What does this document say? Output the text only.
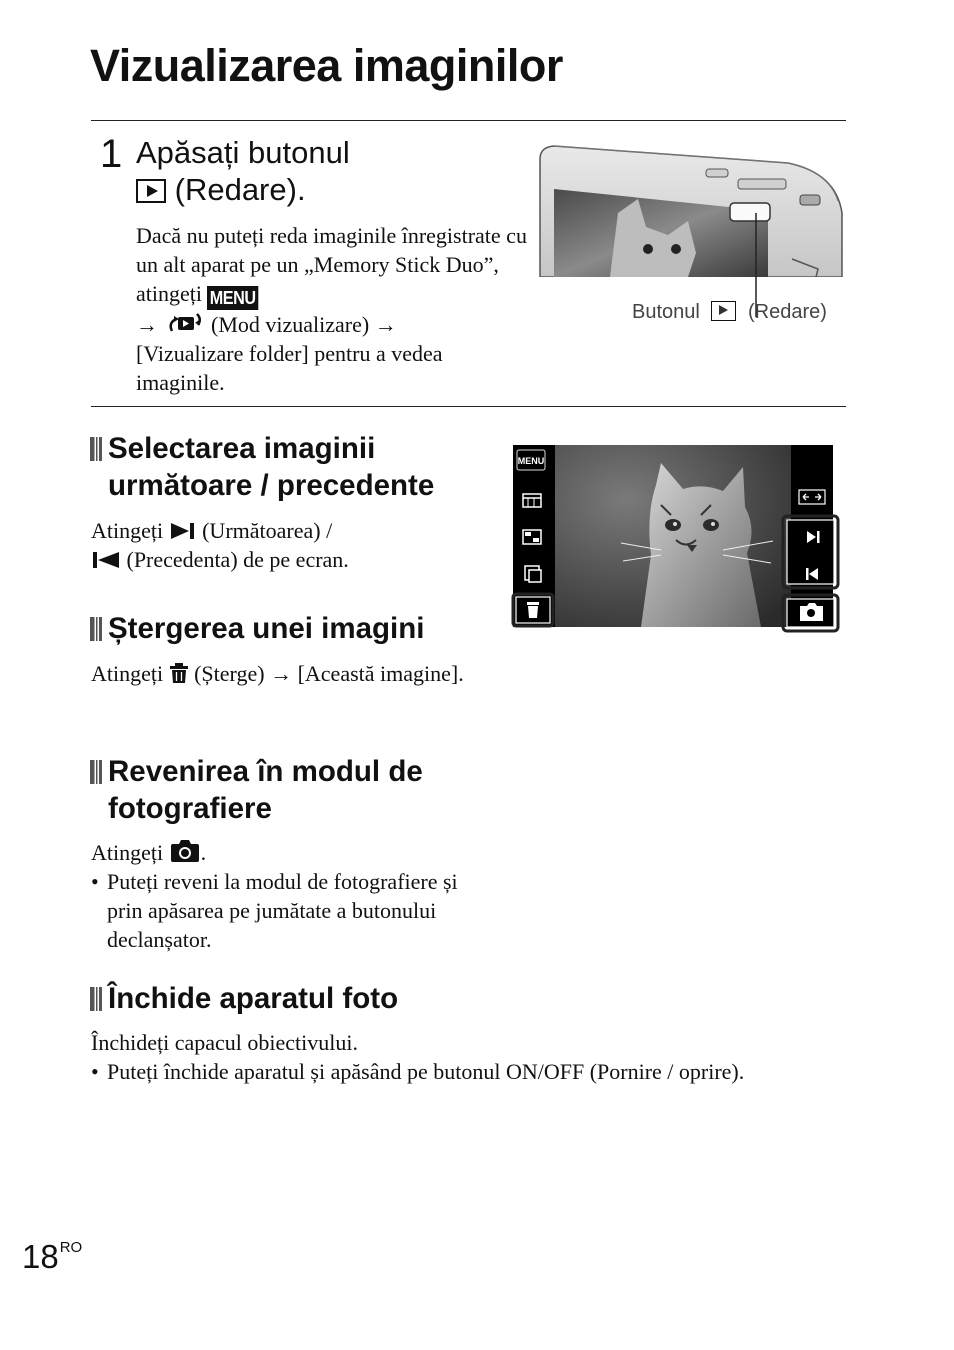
Vizualizarea imaginilor
1 Apăsați butonul
(Redare).
Dacă nu puteți reda imaginile înregistrate cu un alt aparat pe un „Memory Stick Duo”, atingeți MENU
→ (Mod vizualizare) →
[Vizualizare folder] pentru a vedea imaginile.
Butonul (Redare)
Selectarea imaginii
următoare / precedente
Atingeți (Următoarea) /
(Precedenta) de pe ecran.
Ștergerea unei imagini
Atingeți (Șterge) → [Această imagine].
Revenirea în modul de
fotografiere
Atingeți .
• Puteți reveni la modul de fotografiere și prin apăsarea pe jumătate a butonului declanșator.
Închide aparatul foto
Închideți capacul obiectivului.
• Puteți închide aparatul și apăsând pe butonul ON/OFF (Pornire / oprire).
MENU
$18^{RO}$
